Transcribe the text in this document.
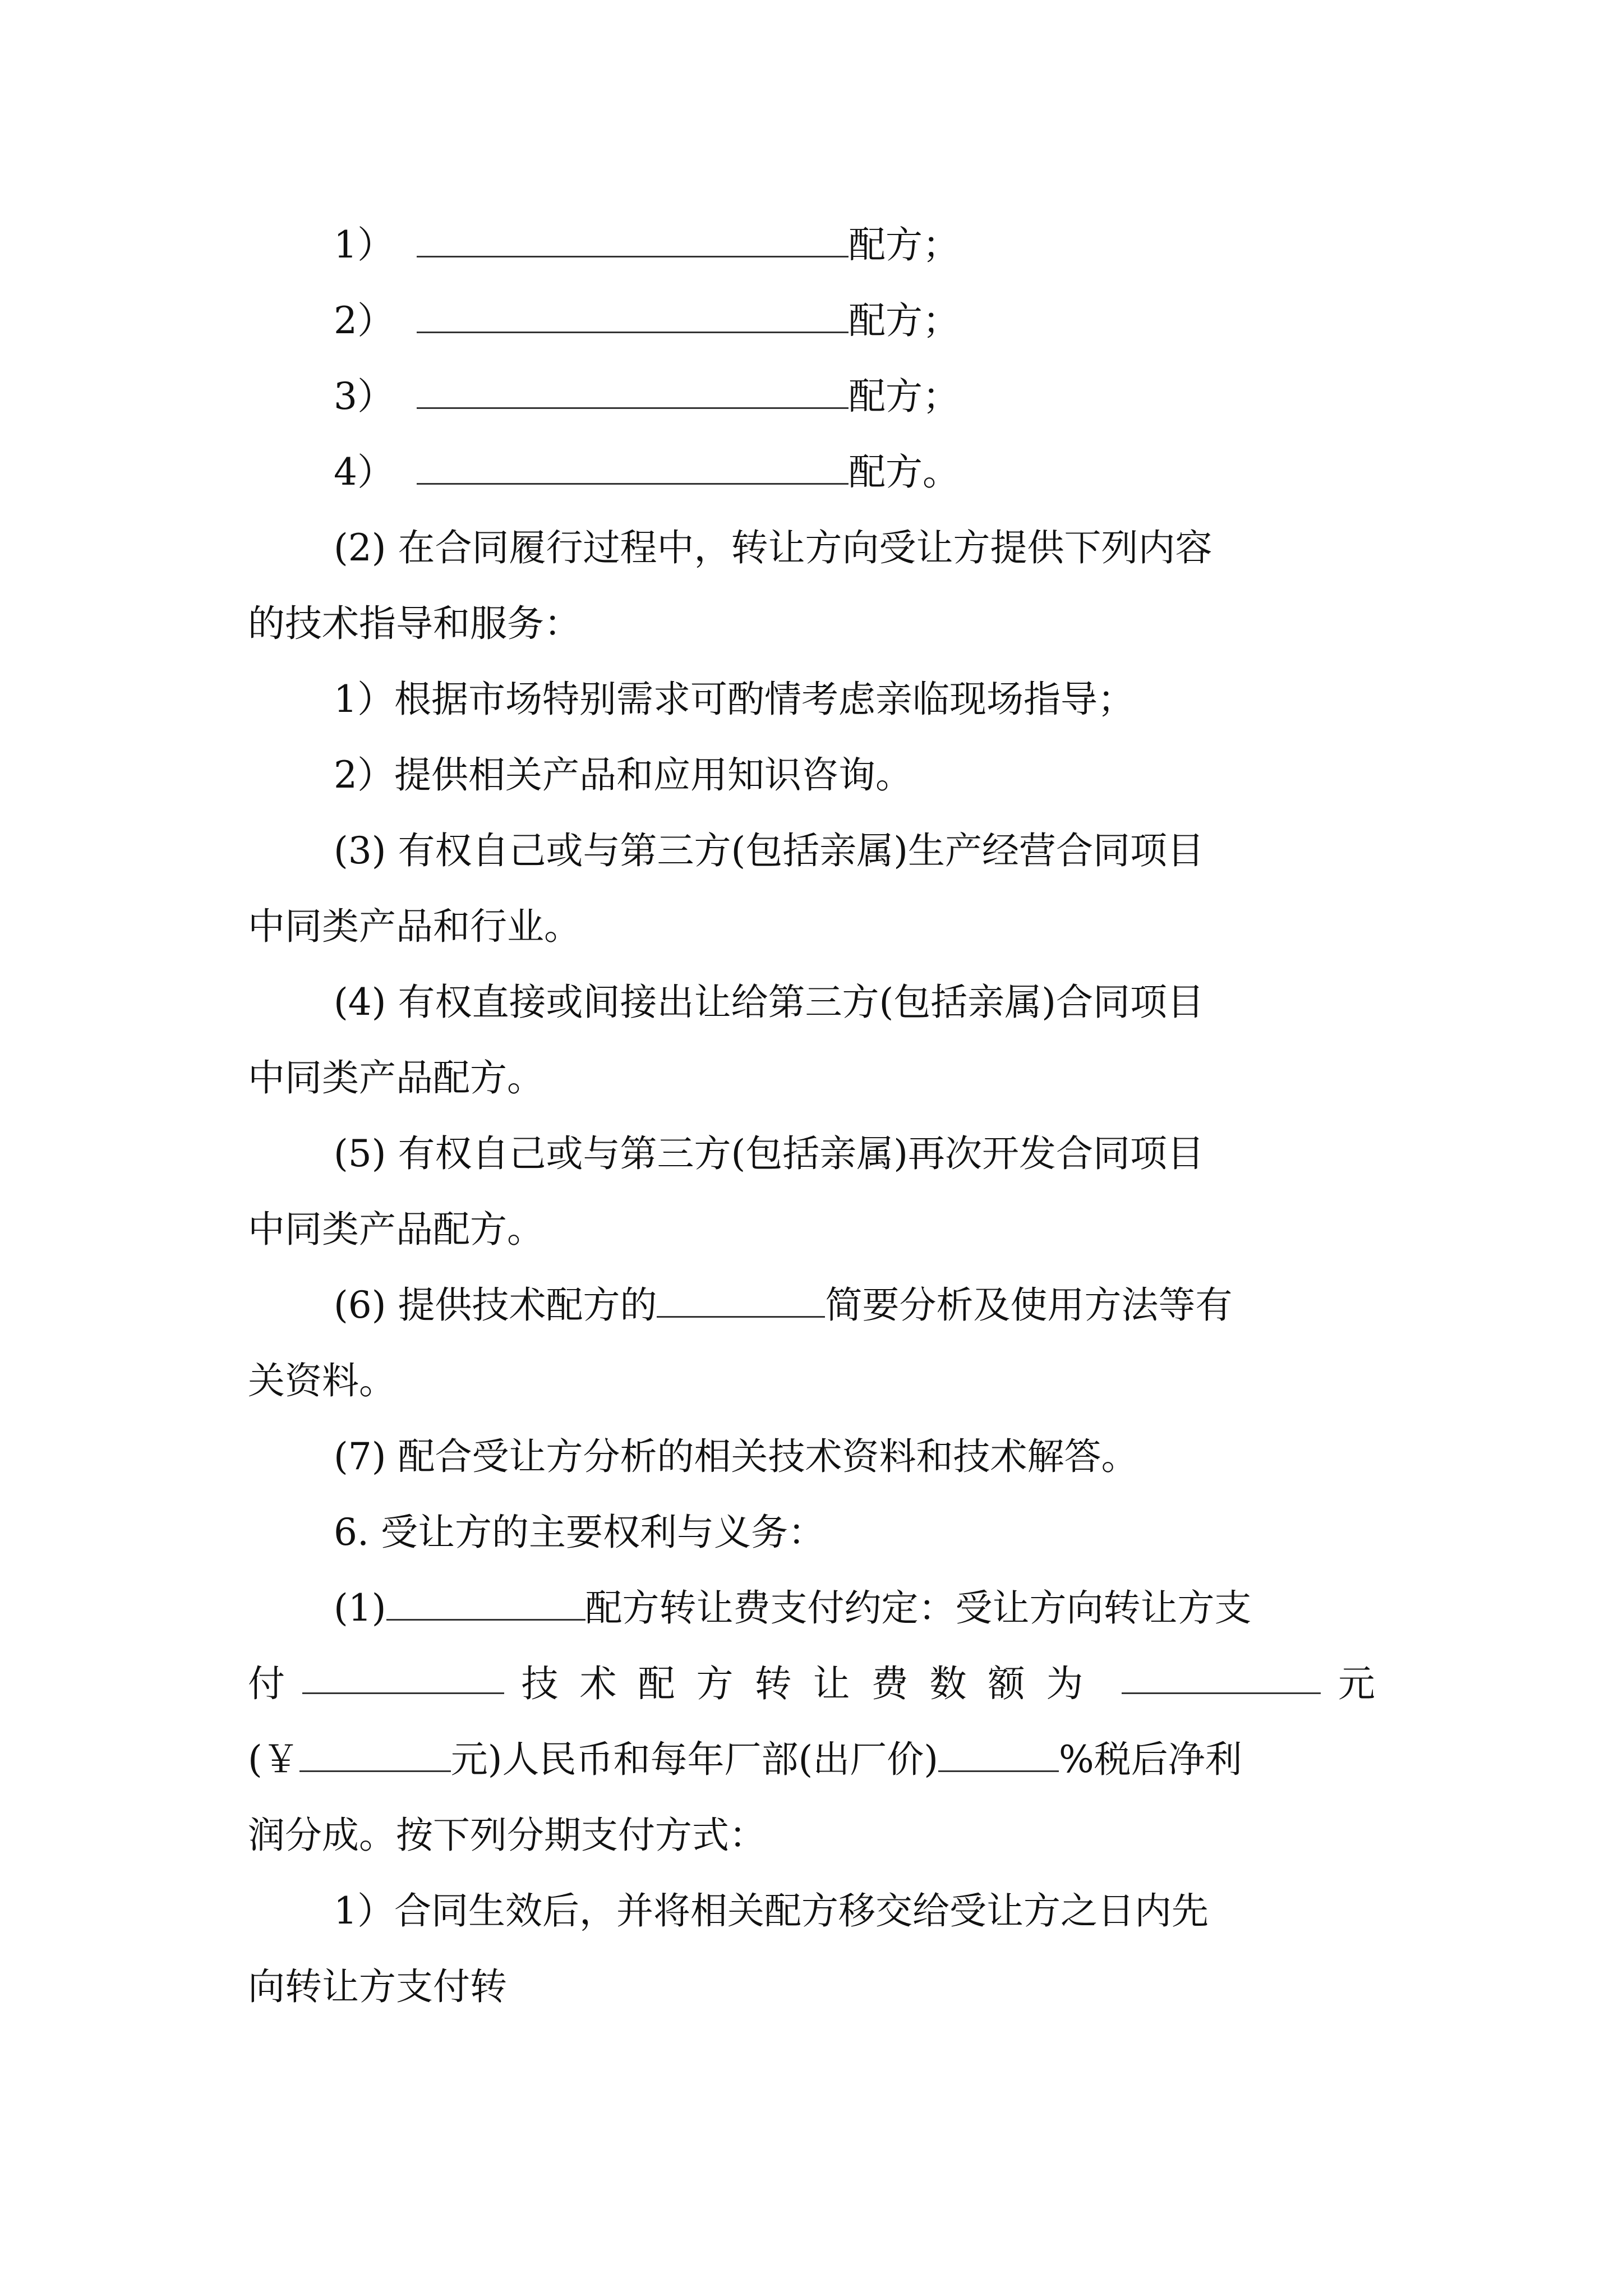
1）	配方；
2）	配方；
3）	配方；
4）	配方。
(2) 在合同履行过程中，转让方向受让方提供下列内容
的技术指导和服务：
1）根据市场特别需求可酌情考虑亲临现场指导；
2）提供相关产品和应用知识咨询。
(3) 有权自己或与第三方(包括亲属)生产经营合同项目
中同类产品和行业。
(4) 有权直接或间接出让给第三方(包括亲属)合同项目
中同类产品配方。
(5) 有权自己或与第三方(包括亲属)再次开发合同项目
中同类产品配方。
(6) 提供技术配方的	简要分析及使用方法等有
关资料。
(7) 配合受让方分析的相关技术资料和技术解答。
6. 受让方的主要权利与义务：
(1)	配方转让费支付约定：受让方向转让方支
付	技术配方转让费数额为	元
(￥	元)人民币和每年厂部(出厂价)	%税后净利
润分成。按下列分期支付方式：
1）合同生效后，并将相关配方移交给受让方之日内先
向转让方支付转
